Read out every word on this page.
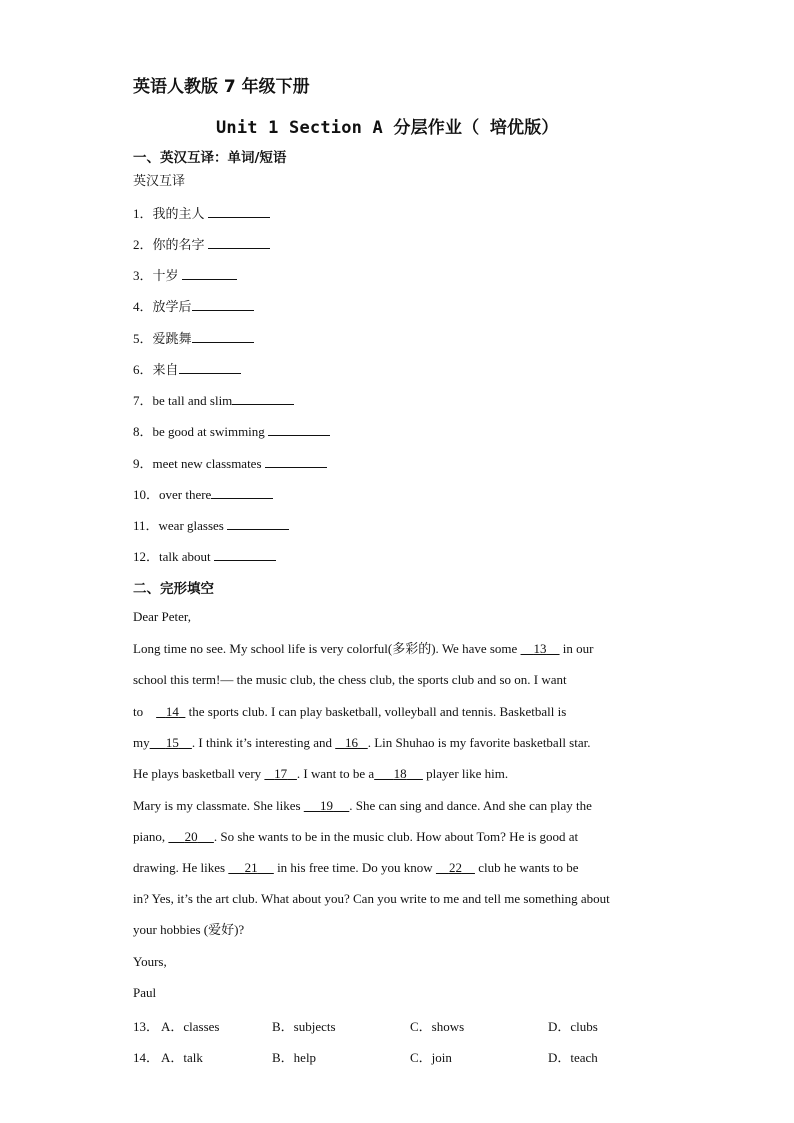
英语人教版 7 年级下册
Unit 1 Section A 分层作业（ 培优版）
一、英汉互译：单词/短语
英汉互译
1．我的主人
2．你的名字
3．十岁
4．放学后
5．爱跳舞
6．来自
7．be tall and slim
8．be good at swimming
9．meet new classmates
10．over there
11．wear glasses
12．talk about
二、完形填空
Dear Peter,
Long time no see. My school life is very colorful(多彩的). We have some 13 in our
school this term!— the music club, the chess club, the sports club and so on. I want
to 14 the sports club. I can play basketball, volleyball and tennis. Basketball is
my 15 . I think it’s interesting and 16 . Lin Shuhao is my favorite basketball star.
He plays basketball very 17 . I want to be a 18 player like him.
Mary is my classmate. She likes 19 . She can sing and dance. And she can play the
piano, 20 . So she wants to be in the music club. How about Tom? He is good at
drawing. He likes 21 in his free time. Do you know 22 club he wants to be
in? Yes, it’s the art club. What about you? Can you write to me and tell me something about
your hobbies (爱好)?
Yours,
Paul
13． A．classes	B．subjects	C．shows	D．clubs
14． A．talk	B．help	C．join	D．teach
